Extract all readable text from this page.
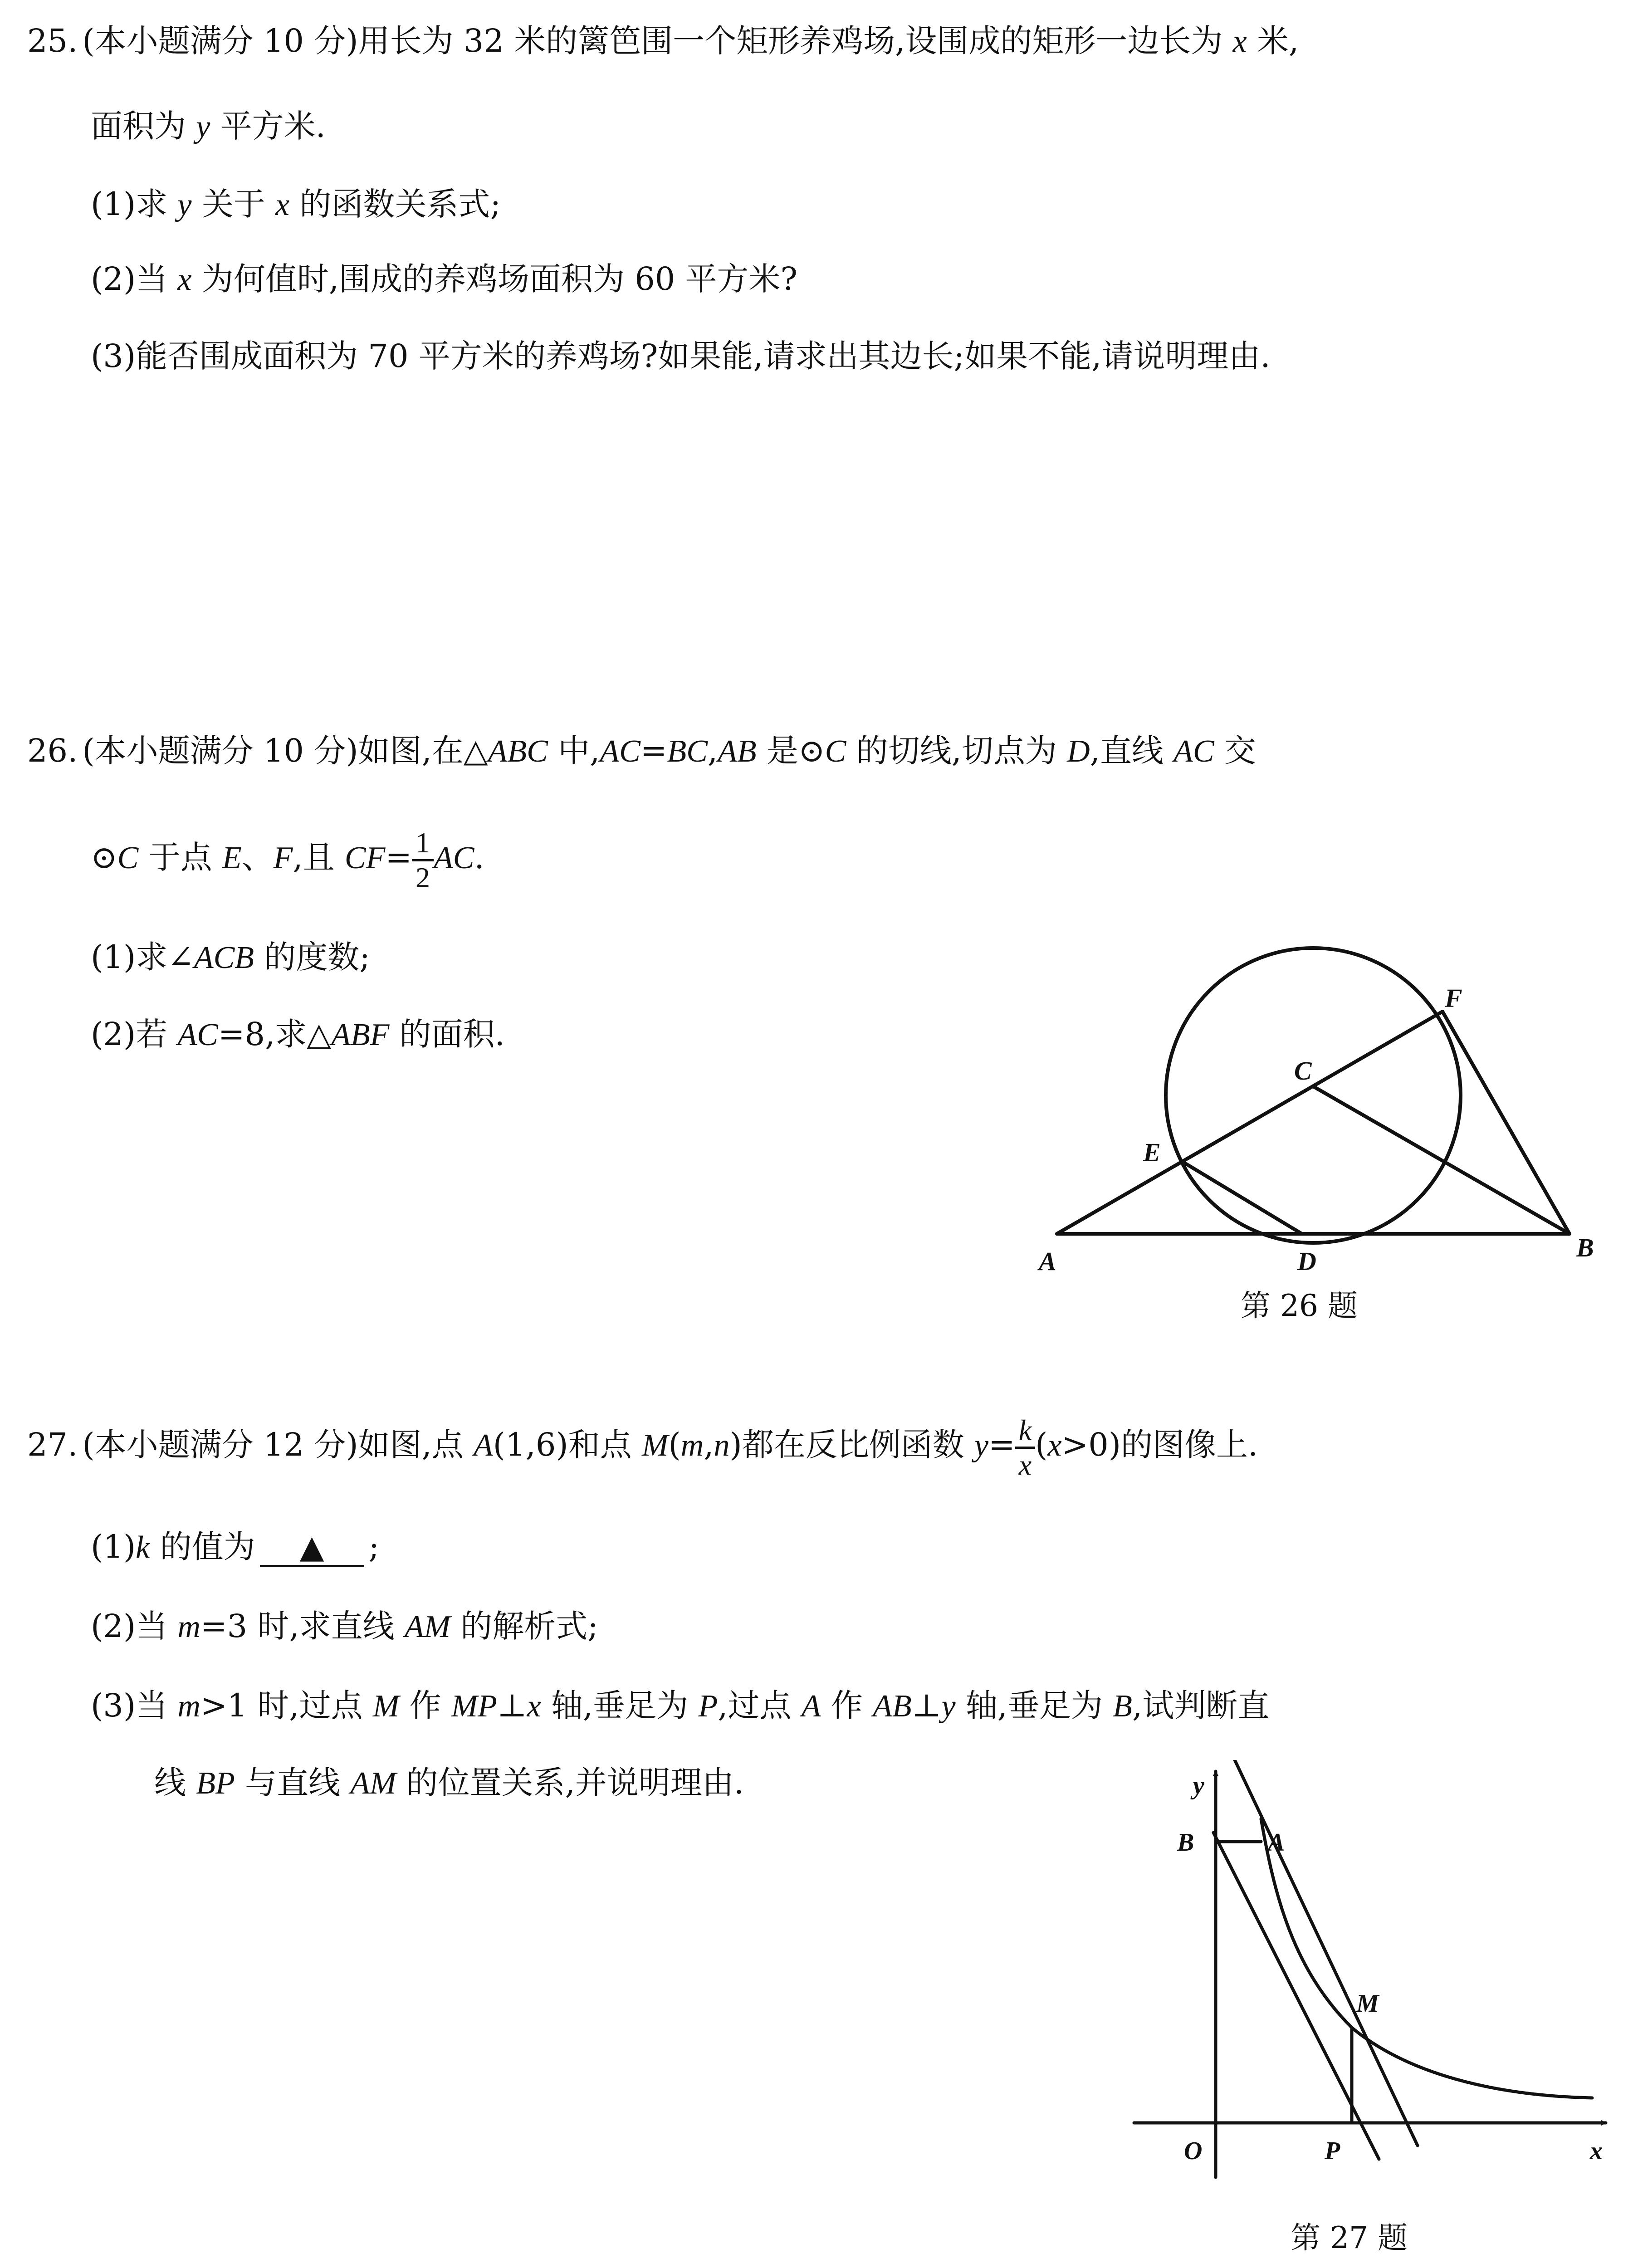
25. (本小题满分 10 分)用长为 32 米的篱笆围一个矩形养鸡场,设围成的矩形一边长为 x 米,
面积为 y 平方米.
(1)求 y 关于 x 的函数关系式;
(2)当 x 为何值时,围成的养鸡场面积为 60 平方米?
(3)能否围成面积为 70 平方米的养鸡场?如果能,请求出其边长;如果不能,请说明理由.
26. (本小题满分 10 分)如图,在△ABC 中,AC=BC,AB 是⊙C 的切线,切点为 D,直线 AC 交
⊙C 于点 E、F,且 $CF= \frac{1}{2}$ AC.
(1)求∠ACB 的度数;
(2)若 AC=8,求△ABF 的面积.
A	B
C
D
E
F
第 26 题
27. (本小题满分 12 分)如图,点 A(1,6)和点 M(m,n)都在反比例函数 $y= \frac{k}{x} (x>0)$的图像上.
(1)k 的值为 ▲ ;
(2)当 m=3 时,求直线 AM 的解析式;
(3)当 m>1 时,过点 M 作 MP⊥x 轴,垂足为 P,过点 A 作 AB⊥y 轴,垂足为 B,试判断直
线 BP 与直线 AM 的位置关系,并说明理由.	y
x
O
B	A
M
P
第 27 题
